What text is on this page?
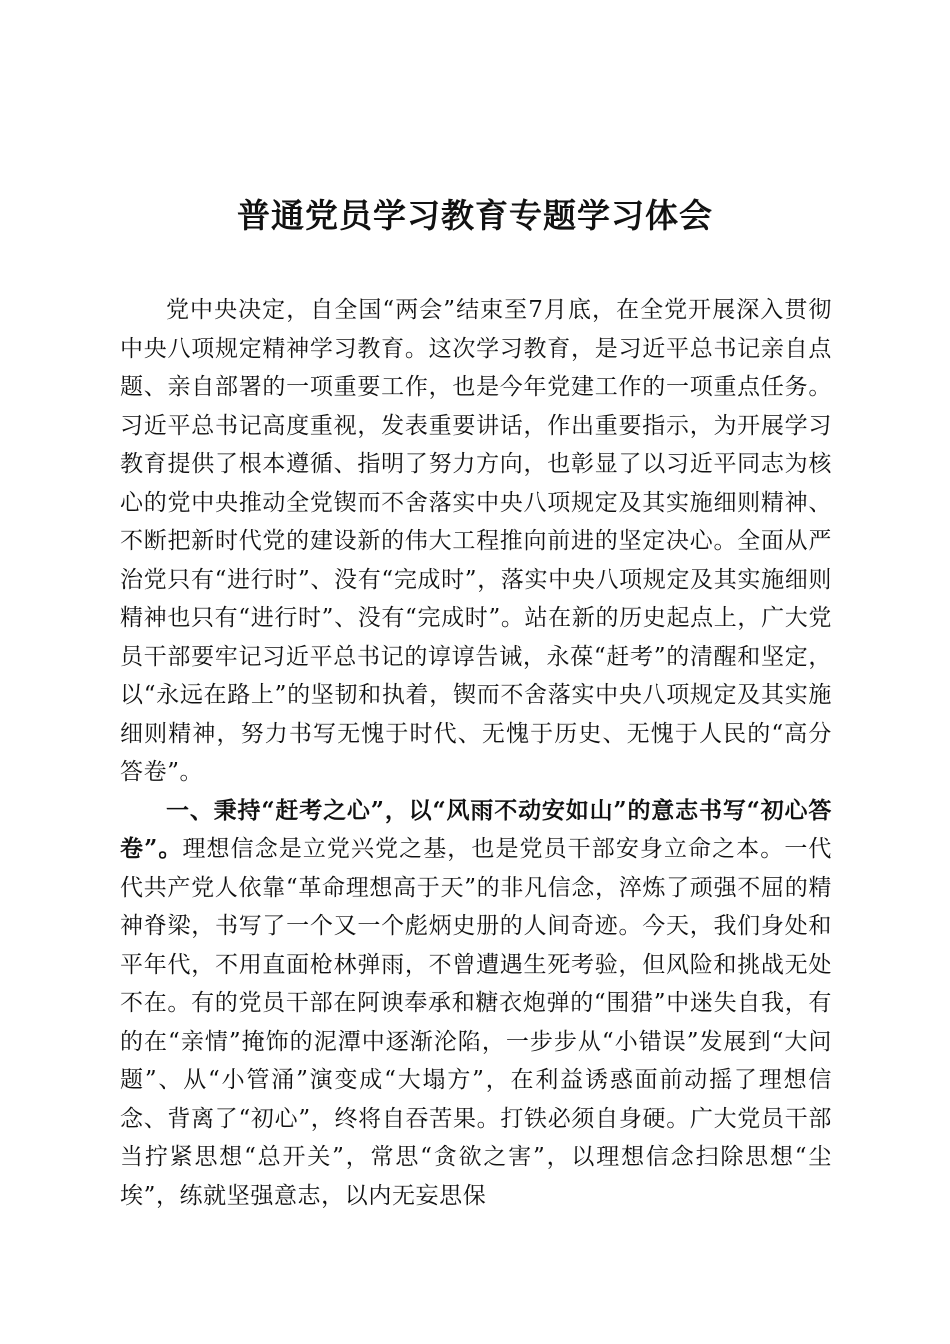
普通党员学习教育专题学习体会

党中央决定，自全国“两会”结束至7月底，在全党开展深入贯彻中央八项规定精神学习教育。这次学习教育，是习近平总书记亲自点题、亲自部署的一项重要工作，也是今年党建工作的一项重点任务。习近平总书记高度重视，发表重要讲话，作出重要指示，为开展学习教育提供了根本遵循、指明了努力方向，也彰显了以习近平同志为核心的党中央推动全党锲而不舍落实中央八项规定及其实施细则精神、不断把新时代党的建设新的伟大工程推向前进的坚定决心。全面从严治党只有“进行时”、没有“完成时”，落实中央八项规定及其实施细则精神也只有“进行时”、没有“完成时”。站在新的历史起点上，广大党员干部要牢记习近平总书记的谆谆告诫，永葆“赶考”的清醒和坚定，以“永远在路上”的坚韧和执着，锲而不舍落实中央八项规定及其实施细则精神，努力书写无愧于时代、无愧于历史、无愧于人民的“高分答卷”。

一、秉持“赶考之心”，以“风雨不动安如山”的意志书写“初心答卷”。理想信念是立党兴党之基，也是党员干部安身立命之本。一代代共产党人依靠“革命理想高于天”的非凡信念，淬炼了顽强不屈的精神脊梁，书写了一个又一个彪炳史册的人间奇迹。今天，我们身处和平年代，不用直面枪林弹雨，不曾遭遇生死考验，但风险和挑战无处不在。有的党员干部在阿谀奉承和糖衣炮弹的“围猎”中迷失自我，有的在“亲情”掩饰的泥潭中逐渐沦陷，一步步从“小错误”发展到“大问题”、从“小管涌”演变成“大塌方”，在利益诱惑面前动摇了理想信念、背离了“初心”，终将自吞苦果。打铁必须自身硬。广大党员干部当拧紧思想“总开关”，常思“贪欲之害”，以理想信念扫除思想“尘埃”，练就坚强意志，以内无妄思保
